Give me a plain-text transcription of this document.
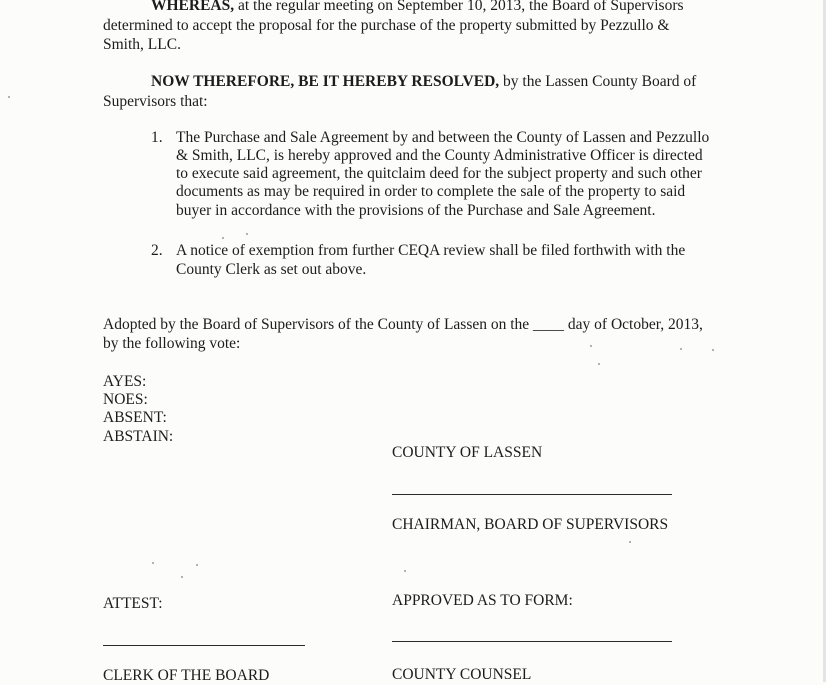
WHEREAS, at the regular meeting on September 10, 2013, the Board of Supervisors
determined to accept the proposal for the purchase of the property submitted by Pezzullo &
Smith, LLC.
NOW THEREFORE, BE IT HEREBY RESOLVED, by the Lassen County Board of
Supervisors that:
1. The Purchase and Sale Agreement by and between the County of Lassen and Pezzullo
& Smith, LLC, is hereby approved and the County Administrative Officer is directed
to execute said agreement, the quitclaim deed for the subject property and such other
documents as may be required in order to complete the sale of the property to said
buyer in accordance with the provisions of the Purchase and Sale Agreement.
2. A notice of exemption from further CEQA review shall be filed forthwith with the
County Clerk as set out above.
Adopted by the Board of Supervisors of the County of Lassen on the ____ day of October, 2013,
by the following vote:
AYES:
NOES:
ABSENT:
ABSTAIN:
COUNTY OF LASSEN
CHAIRMAN, BOARD OF SUPERVISORS
ATTEST:	APPROVED AS TO FORM:
CLERK OF THE BOARD	COUNTY COUNSEL
